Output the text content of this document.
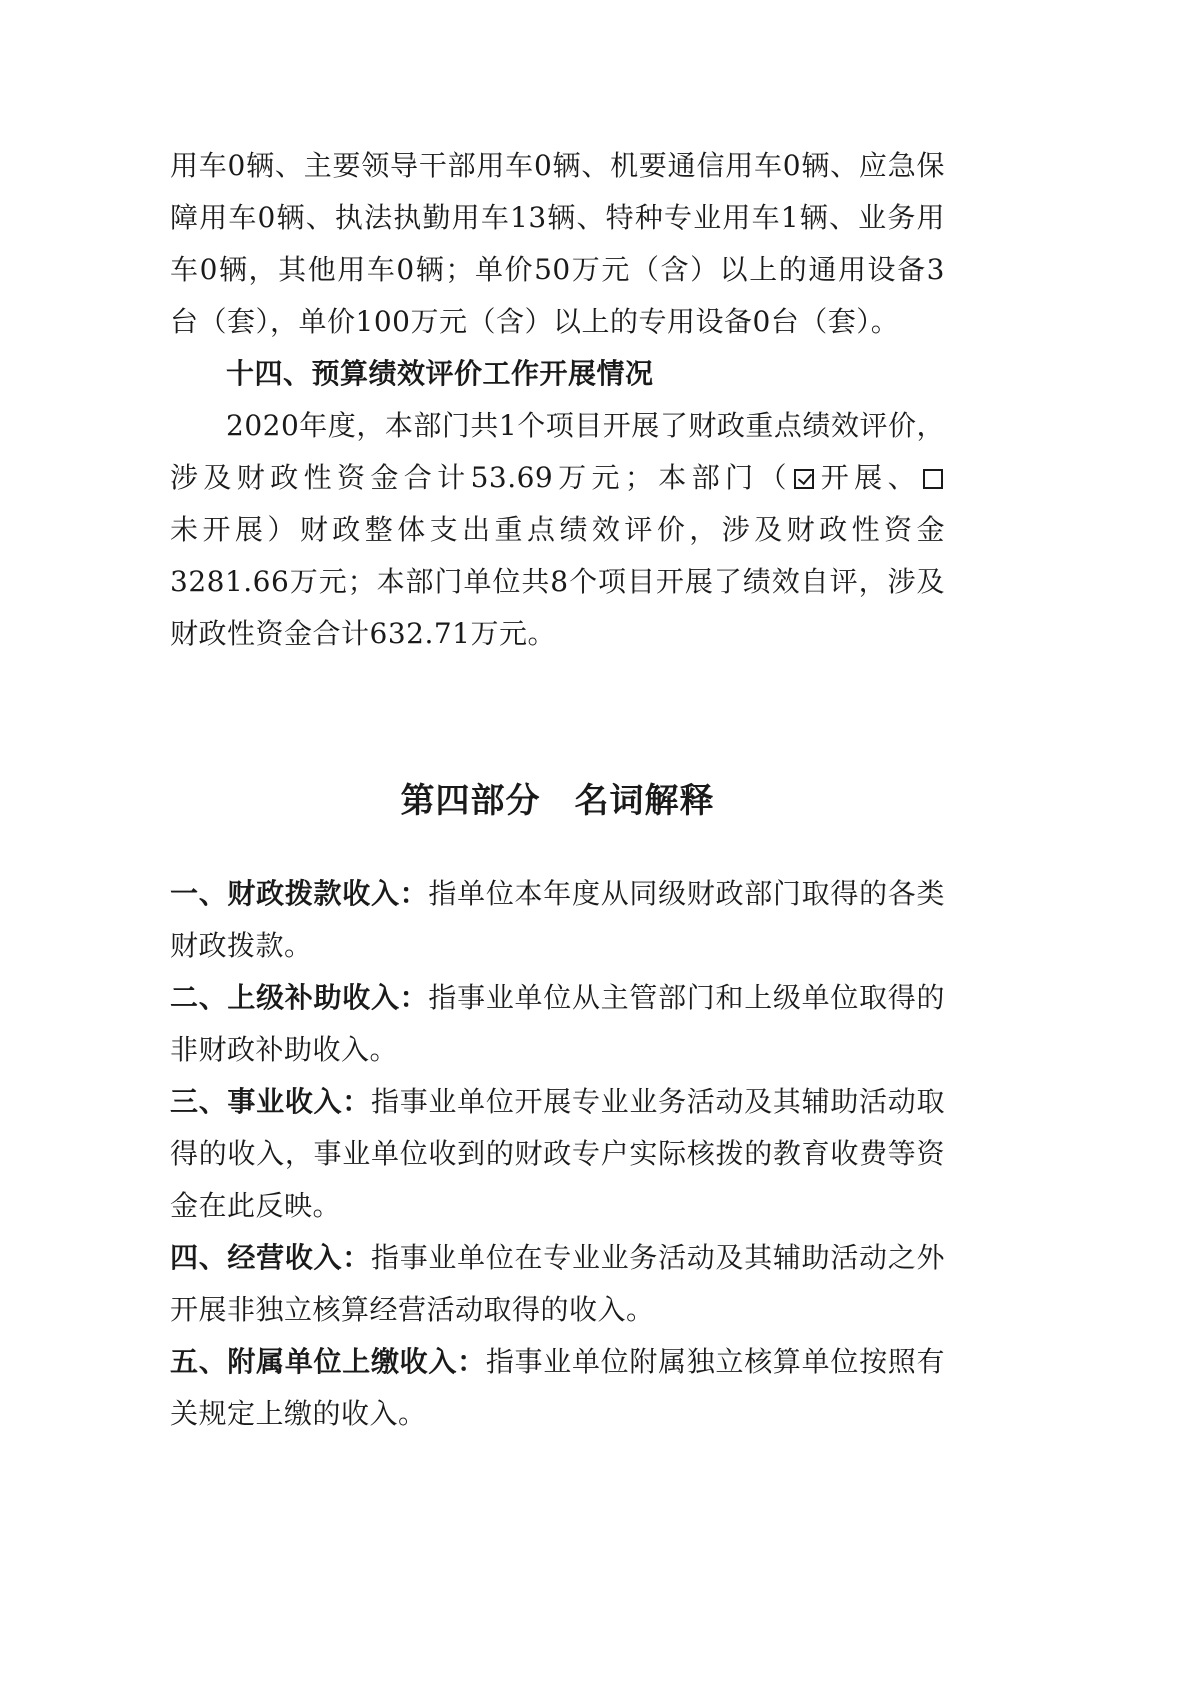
用车0辆、主要领导干部用车0辆、机要通信用车0辆、应急保障用车0辆、执法执勤用车13辆、特种专业用车1辆、业务用车0辆，其他用车0辆；单价50万元（含）以上的通用设备3台（套），单价100万元（含）以上的专用设备0台（套）。

十四、预算绩效评价工作开展情况

2020年度，本部门共1个项目开展了财政重点绩效评价，涉及财政性资金合计53.69万元；本部门（ 开展、未开展）财政整体支出重点绩效评价，涉及财政性资金3281.66万元；本部门单位共8个项目开展了绩效自评，涉及财政性资金合计632.71万元。

第四部分 名词解释

一、财政拨款收入：指单位本年度从同级财政部门取得的各类财政拨款。

二、上级补助收入：指事业单位从主管部门和上级单位取得的非财政补助收入。

三、事业收入：指事业单位开展专业业务活动及其辅助活动取得的收入，事业单位收到的财政专户实际核拨的教育收费等资金在此反映。

四、经营收入：指事业单位在专业业务活动及其辅助活动之外开展非独立核算经营活动取得的收入。

五、附属单位上缴收入：指事业单位附属独立核算单位按照有关规定上缴的收入。
